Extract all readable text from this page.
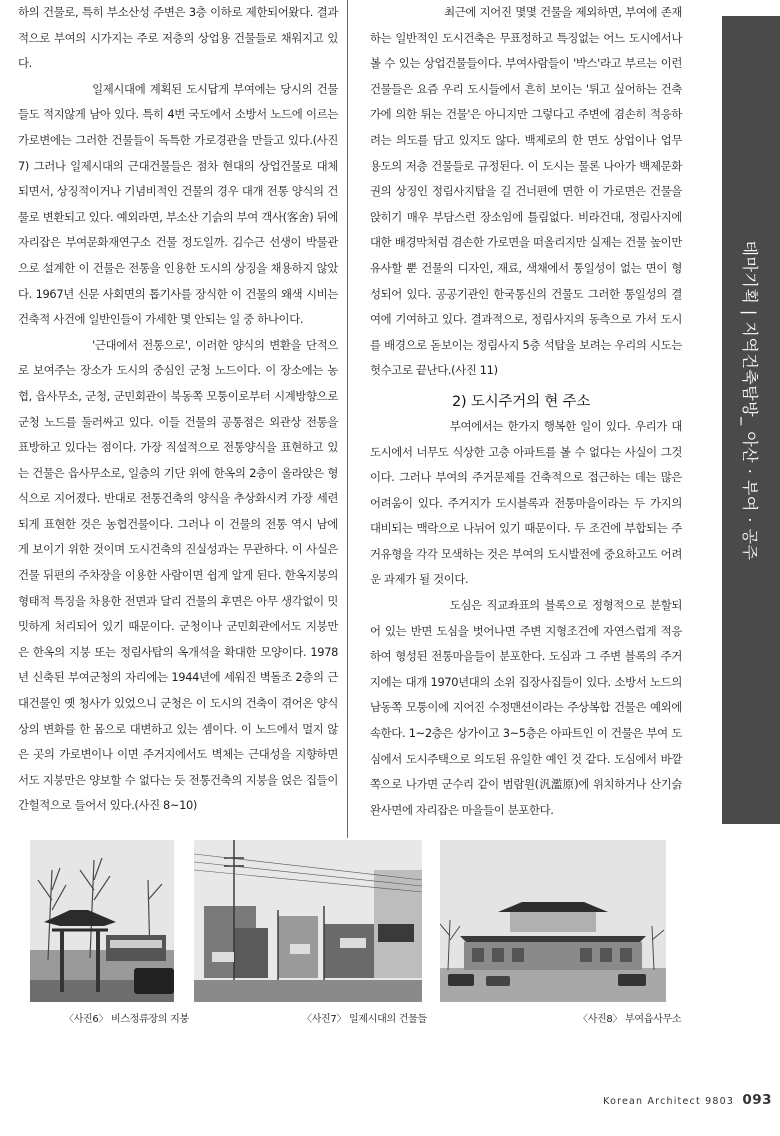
하의 건물로, 특히 부소산성 주변은 3층 이하로 제한되어왔다. 결과적으로 부여의 시가지는 주로 저층의 상업용 건물들로 채워지고 있다.

일제시대에 계획된 도시답게 부여에는 당시의 건물들도 적지않게 남아 있다. 특히 4번 국도에서 소방서 노드에 이르는 가로변에는 그러한 건물들이 독특한 가로경관을 만들고 있다.(사진 7) 그러나 일제시대의 근대건물들은 점차 현대의 상업건물로 대체되면서, 상징적이거나 기념비적인 건물의 경우 대개 전통 양식의 건물로 변환되고 있다. 예외라면, 부소산 기슭의 부여 객사(客舍) 뒤에 자리잡은 부여문화재연구소 건물 정도일까. 김수근 선생이 박물관으로 설계한 이 건물은 전통을 인용한 도시의 상징을 채용하지 않았다. 1967년 신문 사회면의 톱기사를 장식한 이 건물의 왜색 시비는 건축적 사건에 일반인들이 가세한 몇 안되는 일 중 하나이다.

'근대에서 전통으로', 이러한 양식의 변환을 단적으로 보여주는 장소가 도시의 중심인 군청 노드이다. 이 장소에는 농협, 읍사무소, 군청, 군민회관이 북동쪽 모퉁이로부터 시계방향으로 군청 노드를 둘러싸고 있다. 이들 건물의 공통점은 외관상 전통을 표방하고 있다는 점이다. 가장 직설적으로 전통양식을 표현하고 있는 건물은 읍사무소로, 일층의 기단 위에 한옥의 2층이 올라앉은 형식으로 지어졌다. 반대로 전통건축의 양식을 추상화시켜 가장 세련되게 표현한 것은 농협건물이다. 그러나 이 건물의 전통 역시 남에게 보이기 위한 것이며 도시건축의 진실성과는 무관하다. 이 사실은 건물 뒤편의 주차장을 이용한 사람이면 쉽게 알게 된다. 한옥지붕의 형태적 특징을 차용한 전면과 달리 건물의 후면은 아무 생각없이 밋밋하게 처리되어 있기 때문이다. 군청이나 군민회관에서도 지붕만은 한옥의 지붕 또는 정림사탑의 옥개석을 확대한 모양이다. 1978년 신축된 부여군청의 자리에는 1944년에 세워진 벽돌조 2층의 근대건물인 옛 청사가 있었으니 군청은 이 도시의 건축이 겪어온 양식상의 변화를 한 몸으로 대변하고 있는 셈이다. 이 노드에서 멀지 않은 곳의 가로변이나 이면 주거지에서도 벽체는 근대성을 지향하면서도 지붕만은 양보할 수 없다는 듯 전통건축의 지붕을 얹은 집들이 간헐적으로 들어서 있다.(사진 8~10)

최근에 지어진 몇몇 건물을 제외하면, 부여에 존재하는 일반적인 도시건축은 무표정하고 특징없는 어느 도시에서나 볼 수 있는 상업건물들이다. 부여사람들이 '박스'라고 부르는 이런 건물들은 요즘 우리 도시들에서 흔히 보이는 '튀고 싶어하는 건축가에 의한 튀는 건물'은 아니지만 그렇다고 주변에 겸손히 적응하려는 의도를 담고 있지도 않다. 백제로의 한 면도 상업이나 업무 용도의 저층 건물들로 규정된다. 이 도시는 물론 나아가 백제문화권의 상징인 정림사지탑을 길 건너편에 면한 이 가로면은 건물을 앉히기 매우 부담스런 장소임에 틀림없다. 비라건대, 정림사지에 대한 배경막처럼 겸손한 가로면을 떠올리지만 실제는 건물 높이만 유사할 뿐 건물의 디자인, 재료, 색채에서 통일성이 없는 면이 형성되어 있다. 공공기관인 한국통신의 건물도 그러한 통일성의 결여에 기여하고 있다. 결과적으로, 정림사지의 동측으로 가서 도시를 배경으로 돋보이는 정림사지 5층 석탑을 보려는 우리의 시도는 헛수고로 끝난다.(사진 11)

2) 도시주거의 현 주소

부여에서는 한가지 행복한 일이 있다. 우리가 대도시에서 너무도 식상한 고층 아파트를 볼 수 없다는 사실이 그것이다. 그러나 부여의 주거문제를 건축적으로 접근하는 데는 많은 어려움이 있다. 주거지가 도시블록과 전통마을이라는 두 가지의 대비되는 맥락으로 나뉘어 있기 때문이다. 두 조건에 부합되는 주거유형을 각각 모색하는 것은 부여의 도시발전에 중요하고도 어려운 과제가 될 것이다.

도심은 직교좌표의 블록으로 정형적으로 분할되어 있는 반면 도심을 벗어나면 주변 지형조건에 자연스럽게 적응하여 형성된 전통마을들이 분포한다. 도심과 그 주변 블록의 주거지에는 대개 1970년대의 소위 집장사집들이 있다. 소방서 노드의 남동쪽 모퉁이에 지어진 수정맨션이라는 주상복합 건물은 예외에 속한다. 1~2층은 상가이고 3~5층은 아파트인 이 건물은 부여 도심에서 도시주택으로 의도된 유일한 예인 것 같다. 도심에서 바깥쪽으로 나가면 군수리 같이 범람원(汎濫原)에 위치하거나 산기슭 완사면에 자리잡은 마을들이 분포한다.

테마기획 | 지역건축탐방_ 아산 · 부여 · 공주
〈사진6〉 비스정류장의 지붕	〈사진7〉 일제시대의 건물들	〈사진8〉 부여읍사무소
Korean Architect 9803 093
